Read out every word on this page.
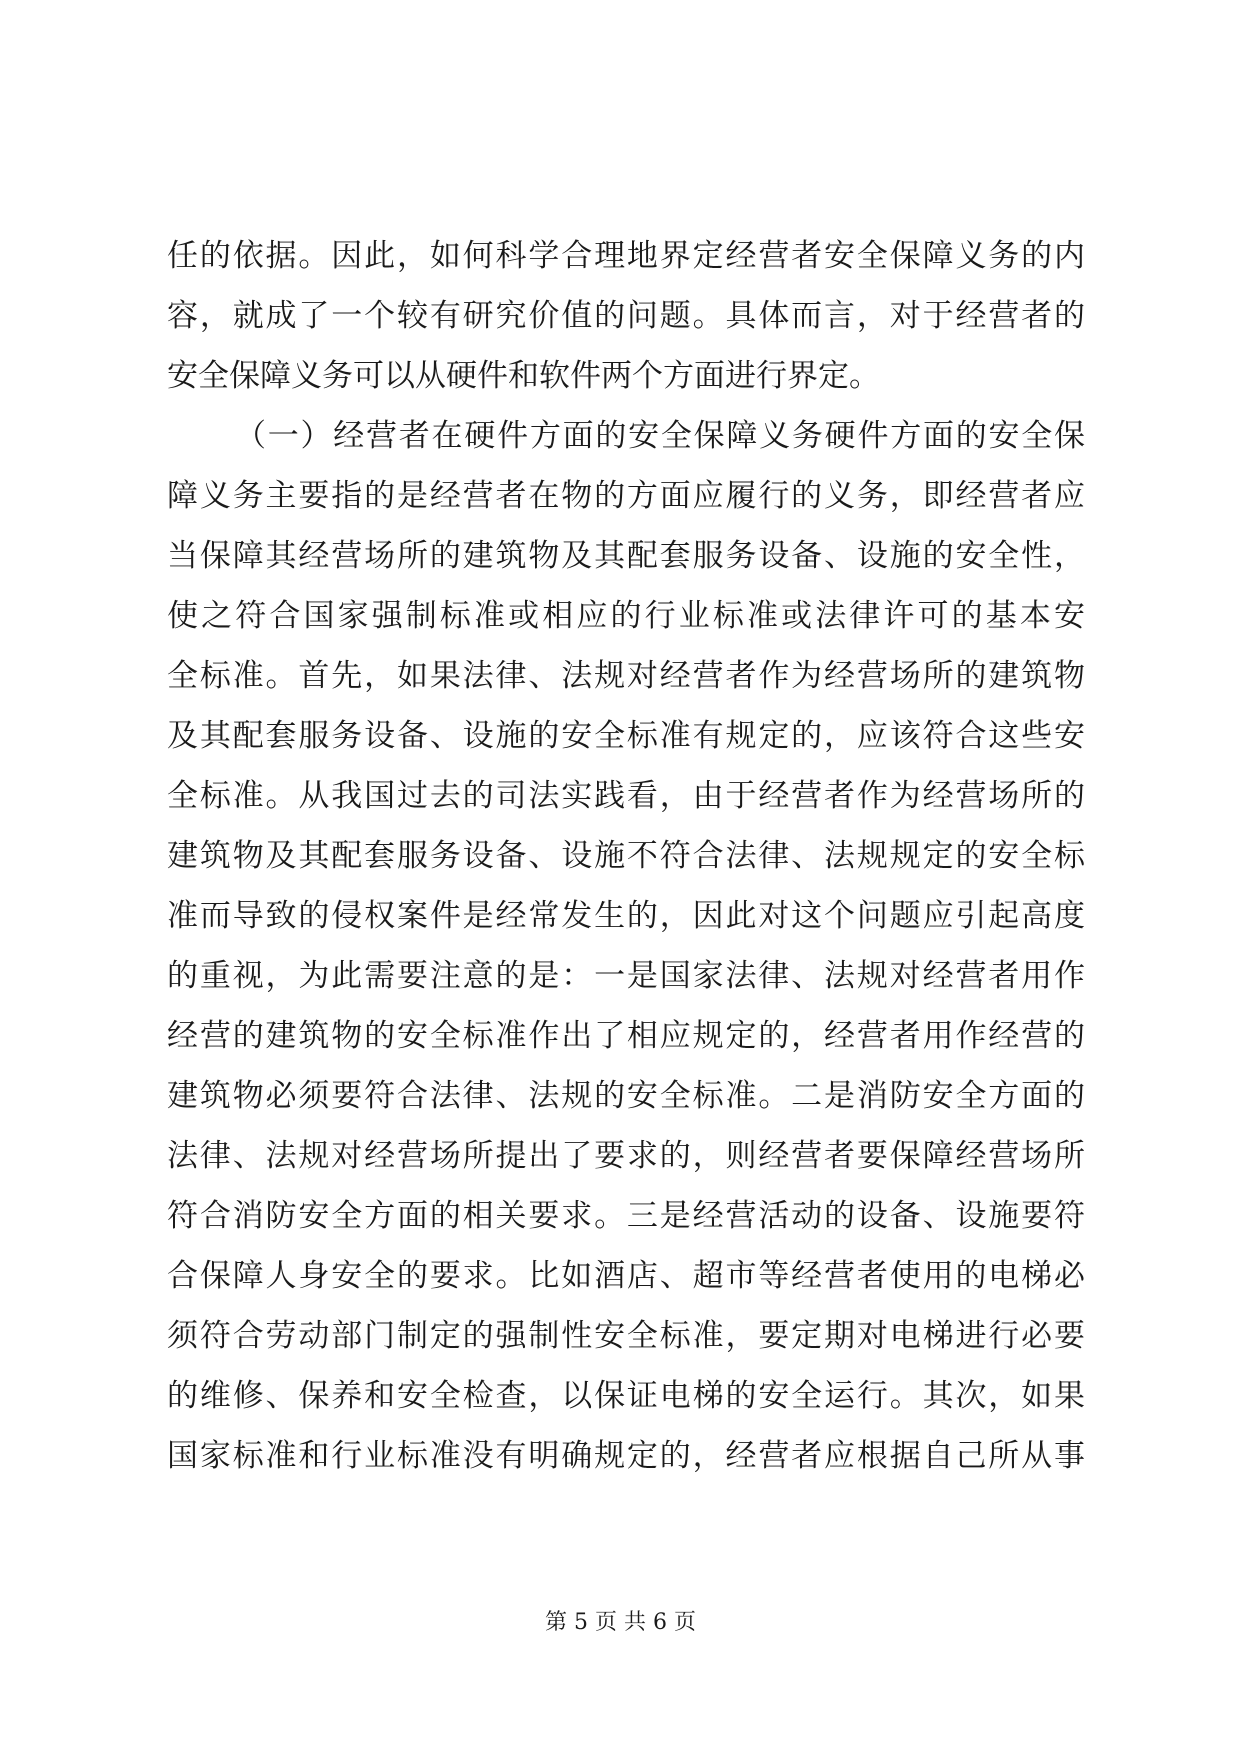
任的依据。因此，如何科学合理地界定经营者安全保障义务的内
容，就成了一个较有研究价值的问题。具体而言，对于经营者的
安全保障义务可以从硬件和软件两个方面进行界定。
（一）经营者在硬件方面的安全保障义务硬件方面的安全保
障义务主要指的是经营者在物的方面应履行的义务，即经营者应
当保障其经营场所的建筑物及其配套服务设备、设施的安全性，
使之符合国家强制标准或相应的行业标准或法律许可的基本安
全标准。首先，如果法律、法规对经营者作为经营场所的建筑物
及其配套服务设备、设施的安全标准有规定的，应该符合这些安
全标准。从我国过去的司法实践看，由于经营者作为经营场所的
建筑物及其配套服务设备、设施不符合法律、法规规定的安全标
准而导致的侵权案件是经常发生的，因此对这个问题应引起高度
的重视，为此需要注意的是：一是国家法律、法规对经营者用作
经营的建筑物的安全标准作出了相应规定的，经营者用作经营的
建筑物必须要符合法律、法规的安全标准。二是消防安全方面的
法律、法规对经营场所提出了要求的，则经营者要保障经营场所
符合消防安全方面的相关要求。三是经营活动的设备、设施要符
合保障人身安全的要求。比如酒店、超市等经营者使用的电梯必
须符合劳动部门制定的强制性安全标准，要定期对电梯进行必要
的维修、保养和安全检查，以保证电梯的安全运行。其次，如果
国家标准和行业标准没有明确规定的，经营者应根据自己所从事
第 5 页 共 6 页
